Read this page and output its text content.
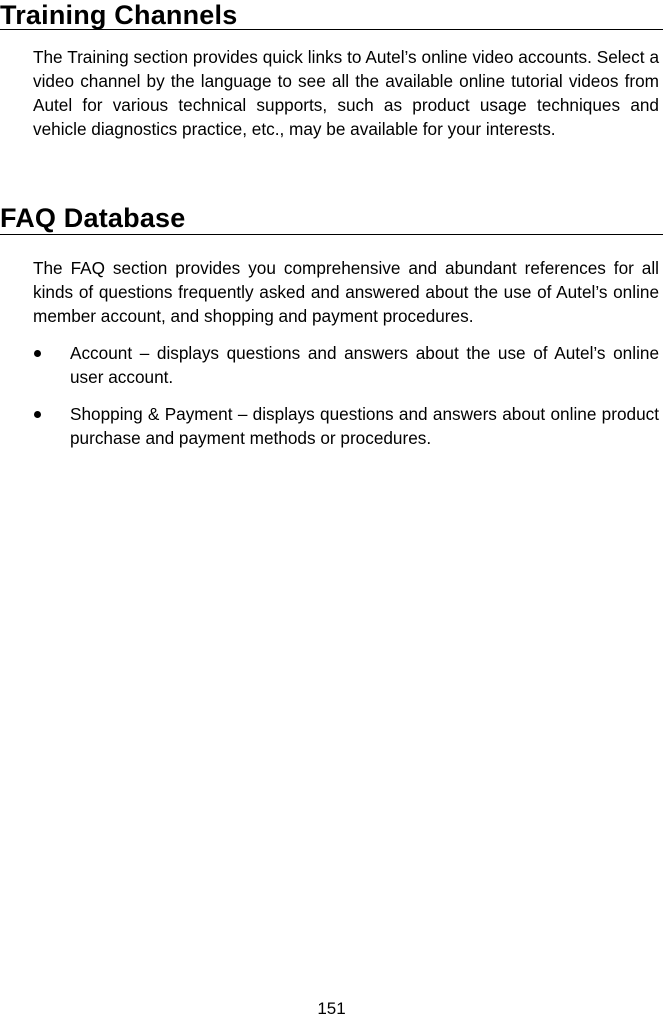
Training Channels

The Training section provides quick links to Autel’s online video accounts. Select a video channel by the language to see all the available online tutorial videos from Autel for various technical supports, such as product usage techniques and vehicle diagnostics practice, etc., may be available for your interests.

FAQ Database

The FAQ section provides you comprehensive and abundant references for all kinds of questions frequently asked and answered about the use of Autel’s online member account, and shopping and payment procedures.

Account – displays questions and answers about the use of Autel’s online user account.

Shopping & Payment – displays questions and answers about online product purchase and payment methods or procedures.

151
